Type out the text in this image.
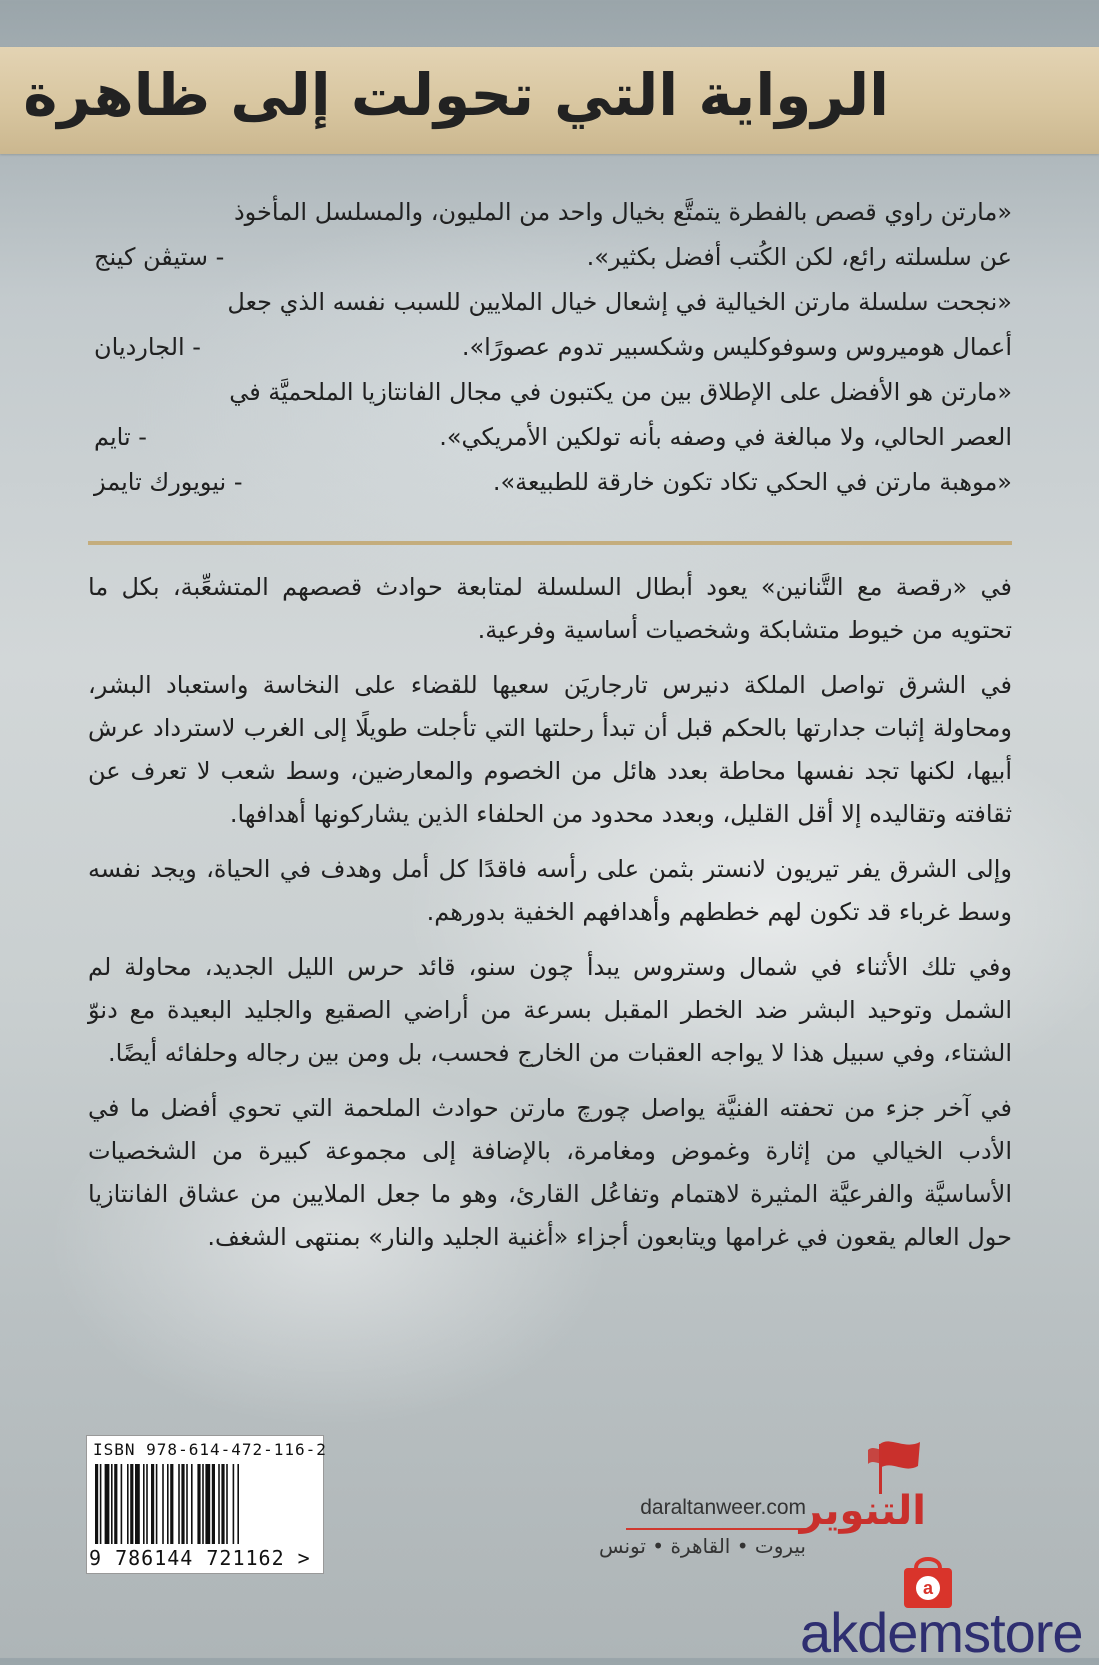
الرواية التي تحولت إلى ظاهرة
«مارتن راوي قصص بالفطرة يتمتَّع بخيال واحد من المليون، والمسلسل المأخوذ
عن سلسلته رائع، لكن الكُتب أفضل بكثير».
- ستيڤن كينج
«نجحت سلسلة مارتن الخيالية في إشعال خيال الملايين للسبب نفسه الذي جعل
أعمال هوميروس وسوفوكليس وشكسبير تدوم عصورًا».
- الجارديان
«مارتن هو الأفضل على الإطلاق بين من يكتبون في مجال الفانتازيا الملحميَّة في
العصر الحالي، ولا مبالغة في وصفه بأنه تولكين الأمريكي».
- تايم
«موهبة مارتن في الحكي تكاد تكون خارقة للطبيعة».
- نيويورك تايمز

في «رقصة مع التَّنانين» يعود أبطال السلسلة لمتابعة حوادث قصصهم المتشعِّبة، بكل ما تحتويه من خيوط متشابكة وشخصيات أساسية وفرعية.

في الشرق تواصل الملكة دنيرس تارجاريَن سعيها للقضاء على النخاسة واستعباد البشر، ومحاولة إثبات جدارتها بالحكم قبل أن تبدأ رحلتها التي تأجلت طويلًا إلى الغرب لاسترداد عرش أبيها، لكنها تجد نفسها محاطة بعدد هائل من الخصوم والمعارضين، وسط شعب لا تعرف عن ثقافته وتقاليده إلا أقل القليل، وبعدد محدود من الحلفاء الذين يشاركونها أهدافها.

وإلى الشرق يفر تيريون لانستر بثمن على رأسه فاقدًا كل أمل وهدف في الحياة، ويجد نفسه وسط غرباء قد تكون لهم خططهم وأهدافهم الخفية بدورهم.

وفي تلك الأثناء في شمال وستروس يبدأ چون سنو، قائد حرس الليل الجديد، محاولة لم الشمل وتوحيد البشر ضد الخطر المقبل بسرعة من أراضي الصقيع والجليد البعيدة مع دنوّ الشتاء، وفي سبيل هذا لا يواجه العقبات من الخارج فحسب، بل ومن بين رجاله وحلفائه أيضًا.

في آخر جزء من تحفته الفنيَّة يواصل چورچ مارتن حوادث الملحمة التي تحوي أفضل ما في الأدب الخيالي من إثارة وغموض ومغامرة، بالإضافة إلى مجموعة كبيرة من الشخصيات الأساسيَّة والفرعيَّة المثيرة لاهتمام وتفاعُل القارئ، وهو ما جعل الملايين من عشاق الفانتازيا حول العالم يقعون في غرامها ويتابعون أجزاء «أغنية الجليد والنار» بمنتهى الشغف.

ISBN 978-614-472-116-2
9 786144 721162 >
daraltanweer.com
بيروت • القاهرة • تونس
التنوير
a
akdemstore
